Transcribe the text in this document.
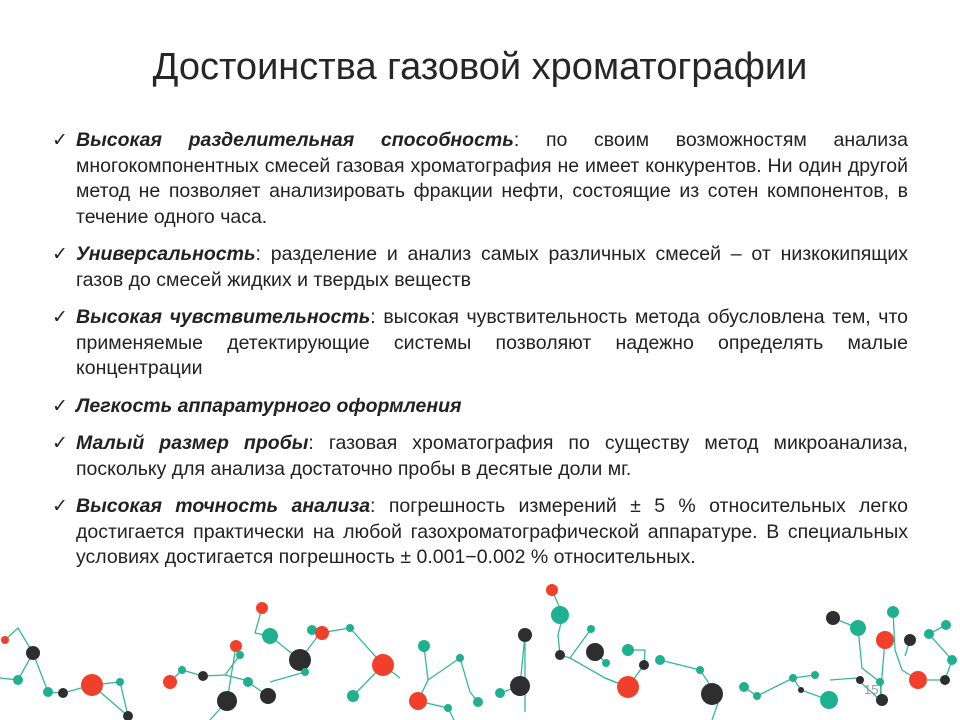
Достоинства газовой хроматографии
✓ Высокая разделительная способность: по своим возможностям анализа многокомпонентных смесей газовая хроматография не имеет конкурентов. Ни один другой метод не позволяет анализировать фракции нефти, состоящие из сотен компонентов, в течение одного часа.
✓ Универсальность: разделение и анализ самых различных смесей – от низкокипящих газов до смесей жидких и твердых веществ
✓ Высокая чувствительность: высокая чувствительность метода обусловлена тем, что применяемые детектирующие системы позволяют надежно определять малые концентрации
✓ Легкость аппаратурного оформления
✓ Малый размер пробы: газовая хроматография по существу метод микроанализа, поскольку для анализа достаточно пробы в десятые доли мг.
✓ Высокая точность анализа: погрешность измерений ± 5 % относительных легко достигается практически на любой газохроматографической аппаратуре. В специальных условиях достигается погрешность ± 0.001−0.002 % относительных.
15
